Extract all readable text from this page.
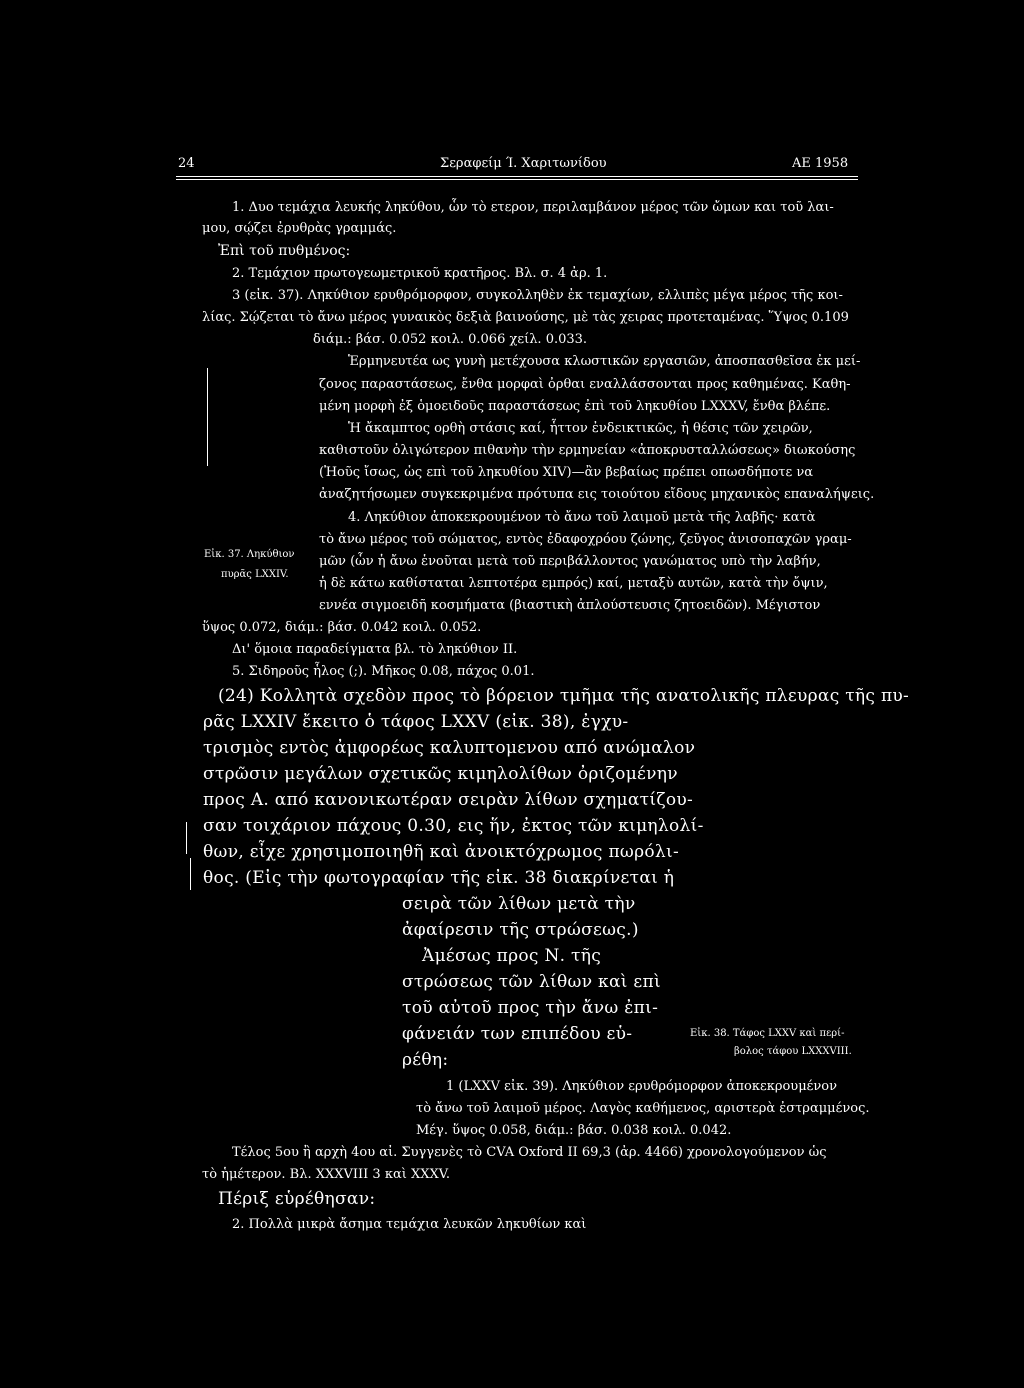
24	Σεραφείμ Ί. Χαριτωνίδου	ΑΕ 1958
1. Δυο τεμάχια λευκής ληκύθου, ὧν τὸ ετερον, περιλαμβάνον μέρος τῶν ὤμων και τοῦ λαι-
μου, σῴζει ἐρυθρὰς γραμμάς.
Ἐπὶ τοῦ πυθμένος:
2. Τεμάχιον πρωτογεωμετρικοῦ κρατῆρος. Βλ. σ. 4 ἀρ. 1.
3 (εἰκ. 37). Ληκύθιον ερυθρόμορφον, συγκολληθὲν ἐκ τεμαχίων, ελλιπὲς μέγα μέρος τῆς κοι-
λίας. Σῴζεται τὸ ἄνω μέρος γυναικὸς δεξιὰ βαινούσης, μὲ τὰς χειρας προτεταμένας. Ὕψος 0.109
διάμ.: βάσ. 0.052 κοιλ. 0.066 χείλ. 0.033.
Ἑρμηνευτέα ως γυνὴ μετέχουσα κλωστικῶν εργασιῶν, ἀποσπασθεῖσα ἐκ μεί-
ζονος παραστάσεως, ἔνθα μορφαὶ ὀρθαι εναλλάσσονται προς καθημένας. Καθη-
μένη μορφὴ ἐξ ὁμοειδοῦς παραστάσεως ἐπὶ τοῦ ληκυθίου LXXXV, ἔνθα βλέπε.
Ἡ ἄκαμπτος ορθὴ στάσις καί, ἧττον ἐνδεικτικῶς, ἡ θέσις τῶν χειρῶν,
καθιστοῦν ὀλιγώτερον πιθανὴν τὴν ερμηνείαν «ἀποκρυσταλλώσεως» διωκούσης
(Ἠοῦς ἴσως, ὡς επὶ τοῦ ληκυθίου XIV)—ἂν βεβαίως πρέπει οπωσδήποτε να
ἀναζητήσωμεν συγκεκριμένα πρότυπα εις τοιούτου εἴδους μηχανικὸς επαναλήψεις.
4. Ληκύθιον ἀποκεκρουμένον τὸ ἄνω τοῦ λαιμοῦ μετὰ τῆς λαβῆς· κατὰ
τὸ ἄνω μέρος τοῦ σώματος, εντὸς ἐδαφοχρόου ζώνης, ζεῦγος ἀνισοπαχῶν γραμ-
μῶν (ὧν ἡ ἄνω ἑνοῦται μετὰ τοῦ περιβάλλοντος γανώματος υπὸ τὴν λαβήν,
ἡ δὲ κάτω καθίσταται λεπτοτέρα εμπρός) καί, μεταξὺ αυτῶν, κατὰ τὴν ὄψιν,
εννέα σιγμοειδῆ κοσμήματα (βιαστικὴ ἀπλούστευσις ζητοειδῶν). Μέγιστον
ὕψος 0.072, διάμ.: βάσ. 0.042 κοιλ. 0.052.
Δι' ὅμοια παραδείγματα βλ. τὸ ληκύθιον II.
5. Σιδηροῦς ἧλος (;). Μῆκος 0.08, πάχος 0.01.
Εἰκ. 37. Ληκύθιον
πυρᾶς LXXIV.
(24) Κολλητὰ σχεδὸν προς τὸ βόρειον τμῆμα τῆς ανατολικῆς πλευρας τῆς πυ-
ρᾶς LXXIV ἔκειτο ὁ τάφος LXXV (εἰκ. 38), ἐγχυ-
τρισμὸς εντὸς ἀμφορέως καλυπτομενου από ανώμαλον
στρῶσιν μεγάλων σχετικῶς κιμηλολίθων ὀριζομένην
προς Α. από κανονικωτέραν σειρὰν λίθων σχηματίζου-
σαν τοιχάριον πάχους 0.30, εις ἥν, ἐκτος τῶν κιμηλολί-
θων, εἶχε χρησιμοποιηθῆ καὶ ἀνοικτόχρωμος πωρόλι-
θος. (Εἰς τὴν φωτογραφίαν τῆς εἰκ. 38 διακρίνεται ἡ
σειρὰ τῶν λίθων μετὰ τὴν
ἀφαίρεσιν τῆς στρώσεως.)
Ἀμέσως προς Ν. τῆς
στρώσεως τῶν λίθων καὶ επὶ
τοῦ αὐτοῦ προς τὴν ἄνω ἐπι-
φάνειάν των επιπέδου εὑ-
ρέθη:
Εἰκ. 38. Τάφος LXXV καὶ περί-
βολος τάφου LXXXVIII.
1 (LXXV εἰκ. 39). Ληκύθιον ερυθρόμορφον ἀποκεκρουμένον
τὸ ἄνω τοῦ λαιμοῦ μέρος. Λαγὸς καθήμενος, αριστερὰ ἐστραμμένος.
Μέγ. ὕψος 0.058, διάμ.: βάσ. 0.038 κοιλ. 0.042.
Τέλος 5ου ἢ αρχὴ 4ου αἰ. Συγγενὲς τὸ CVA Oxford II 69,3 (ἀρ. 4466) χρονολογούμενον ὡς
τὸ ἡμέτερον. Βλ. XXXVIII 3 καὶ XXXV.
Πέριξ εὑρέθησαν:
2. Πολλὰ μικρὰ ἄσημα τεμάχια λευκῶν ληκυθίων καὶ
